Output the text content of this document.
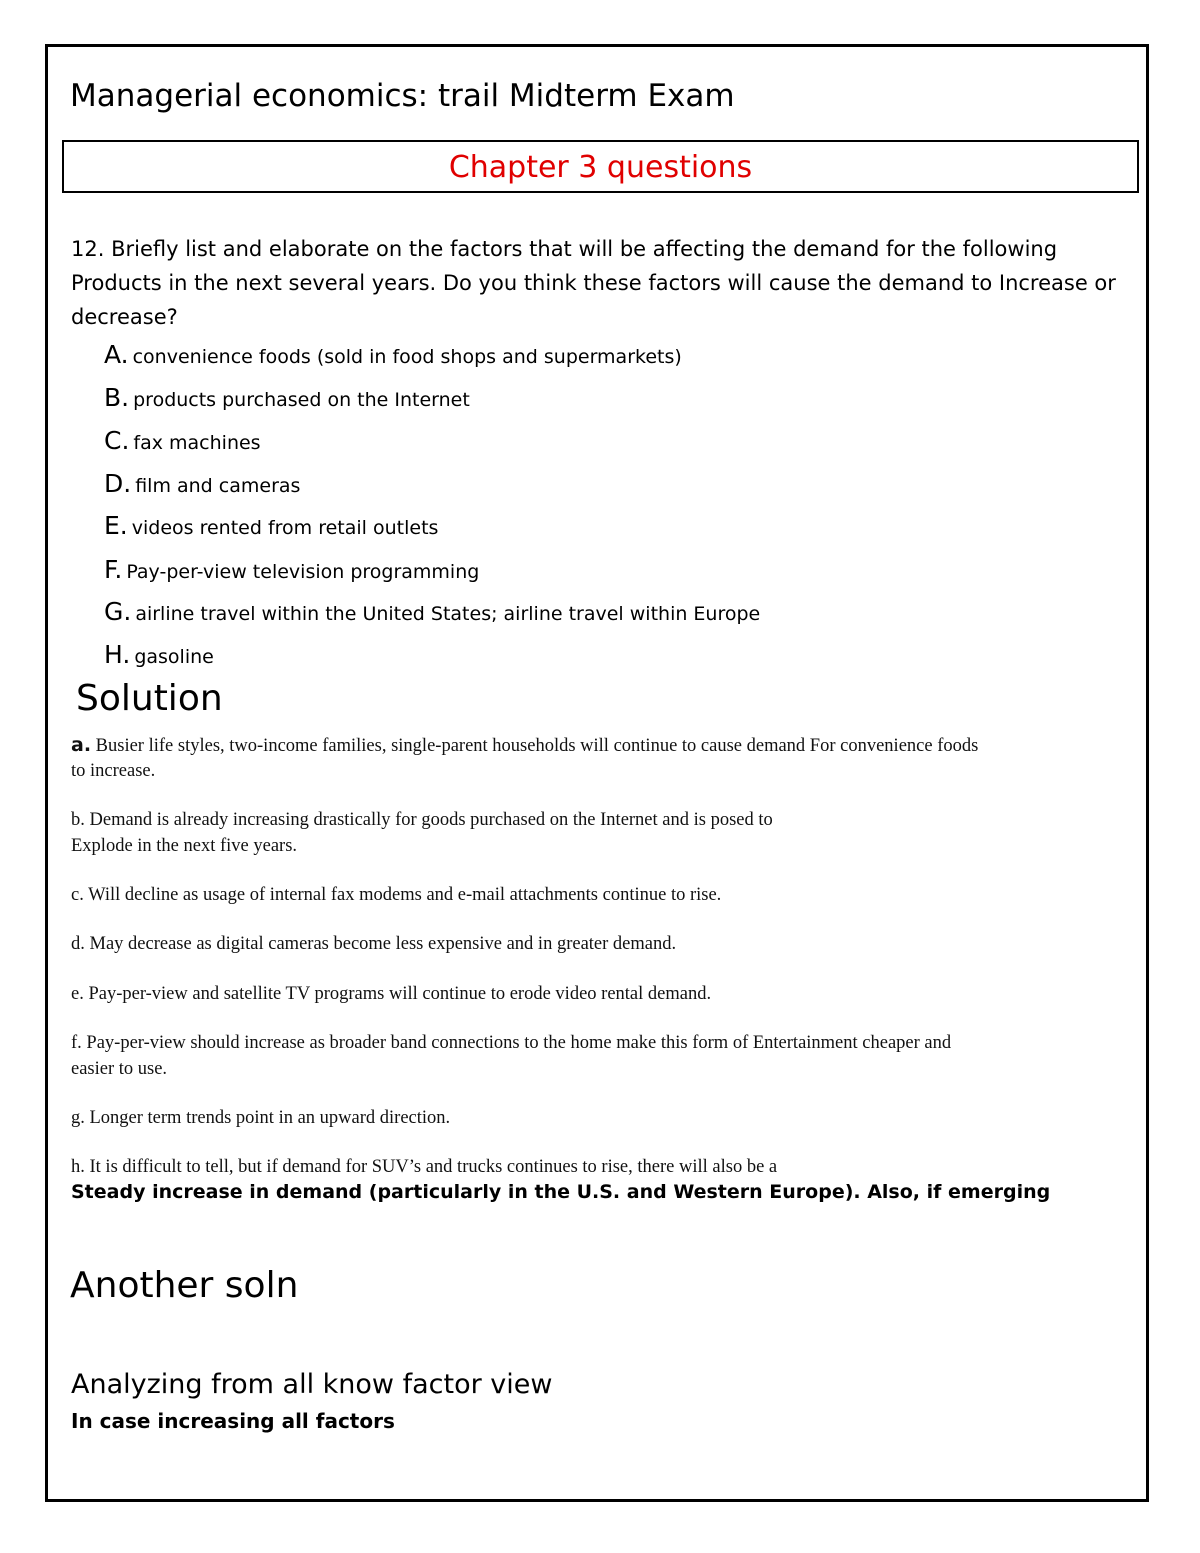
Managerial economics: trail Midterm Exam
Chapter 3 questions
12. Briefly list and elaborate on the factors that will be affecting the demand for the following Products in the next several years. Do you think these factors will cause the demand to Increase or decrease?
A. convenience foods (sold in food shops and supermarkets)
B. products purchased on the Internet
C. fax machines
D. film and cameras
E. videos rented from retail outlets
F. Pay-per-view television programming
G. airline travel within the United States; airline travel within Europe
H. gasoline
Solution
a. Busier life styles, two-income families, single-parent households will continue to cause demand For convenience foods
to increase.
b. Demand is already increasing drastically for goods purchased on the Internet and is posed to
Explode in the next five years.
c. Will decline as usage of internal fax modems and e-mail attachments continue to rise.
d. May decrease as digital cameras become less expensive and in greater demand.
e. Pay-per-view and satellite TV programs will continue to erode video rental demand.
f. Pay-per-view should increase as broader band connections to the home make this form of Entertainment cheaper and
easier to use.
g. Longer term trends point in an upward direction.
h. It is difficult to tell, but if demand for SUV’s and trucks continues to rise, there will also be a
Steady increase in demand (particularly in the U.S. and Western Europe). Also, if emerging
Another soln
Analyzing from all know factor view
In case increasing all factors
